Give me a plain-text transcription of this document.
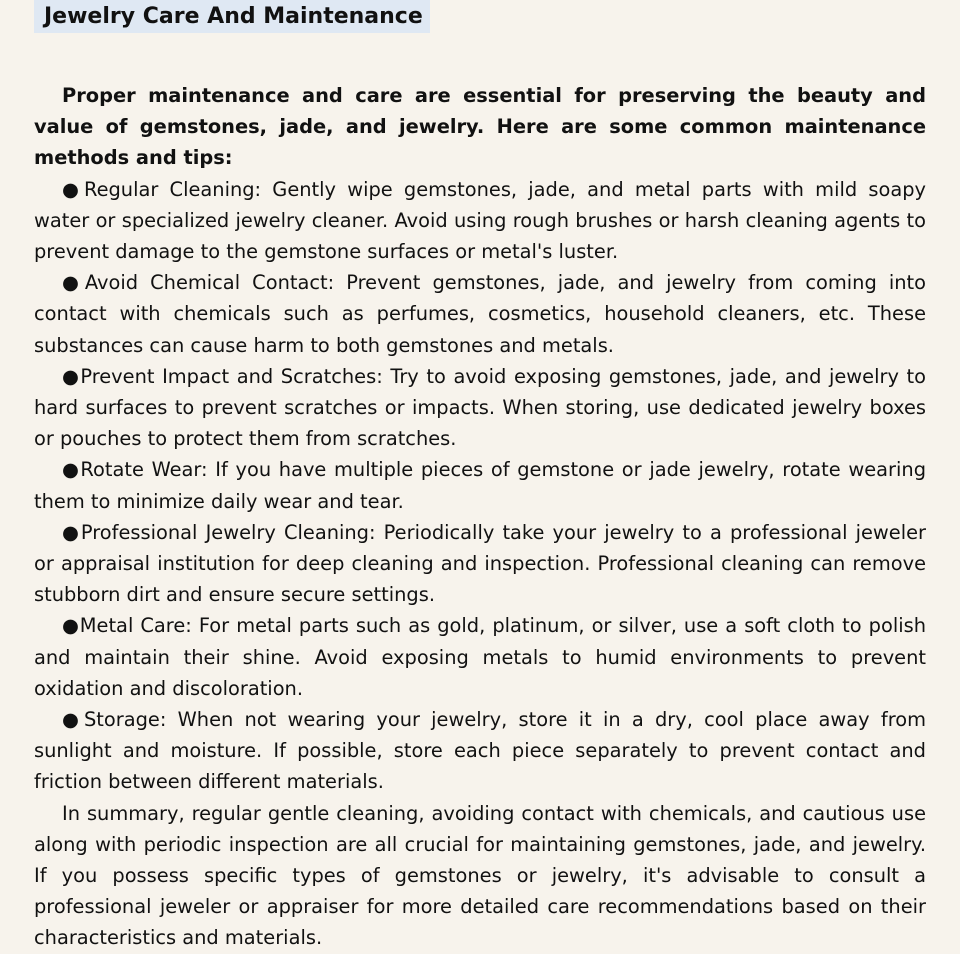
Jewelry Care And Maintenance

Proper maintenance and care are essential for preserving the beauty and value of gemstones, jade, and jewelry. Here are some common maintenance methods and tips:

●Regular Cleaning: Gently wipe gemstones, jade, and metal parts with mild soapy water or specialized jewelry cleaner. Avoid using rough brushes or harsh cleaning agents to prevent damage to the gemstone surfaces or metal's luster.

●Avoid Chemical Contact: Prevent gemstones, jade, and jewelry from coming into contact with chemicals such as perfumes, cosmetics, household cleaners, etc. These substances can cause harm to both gemstones and metals.

●Prevent Impact and Scratches: Try to avoid exposing gemstones, jade, and jewelry to hard surfaces to prevent scratches or impacts. When storing, use dedicated jewelry boxes or pouches to protect them from scratches.

●Rotate Wear: If you have multiple pieces of gemstone or jade jewelry, rotate wearing them to minimize daily wear and tear.

●Professional Jewelry Cleaning: Periodically take your jewelry to a professional jeweler or appraisal institution for deep cleaning and inspection. Professional cleaning can remove stubborn dirt and ensure secure settings.

●Metal Care: For metal parts such as gold, platinum, or silver, use a soft cloth to polish and maintain their shine. Avoid exposing metals to humid environments to prevent oxidation and discoloration.

●Storage: When not wearing your jewelry, store it in a dry, cool place away from sunlight and moisture. If possible, store each piece separately to prevent contact and friction between different materials.

In summary, regular gentle cleaning, avoiding contact with chemicals, and cautious use along with periodic inspection are all crucial for maintaining gemstones, jade, and jewelry. If you possess specific types of gemstones or jewelry, it's advisable to consult a professional jeweler or appraiser for more detailed care recommendations based on their characteristics and materials.
